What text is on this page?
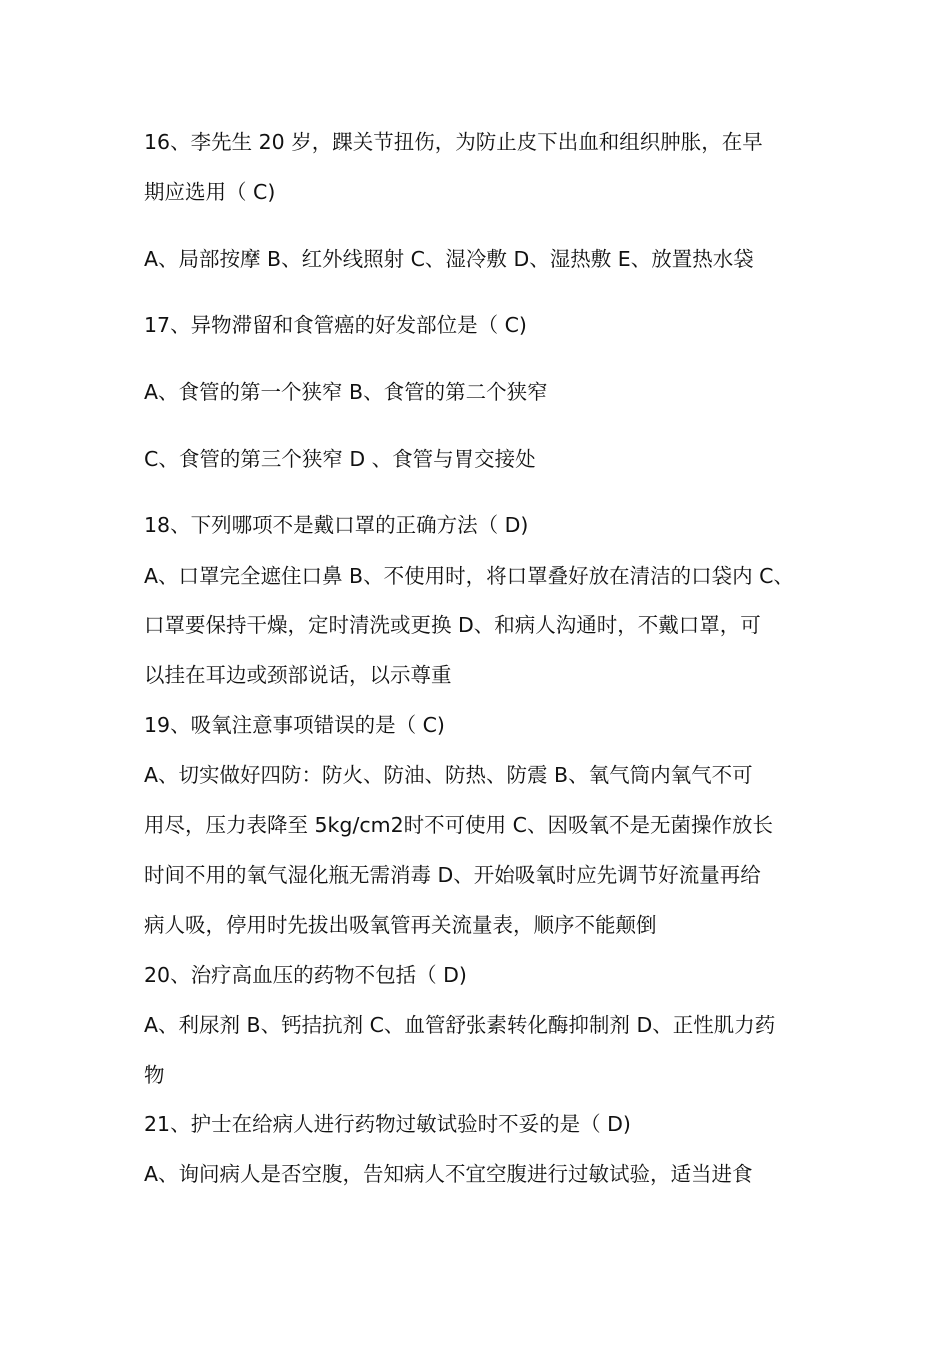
16、李先生 20 岁，踝关节扭伤，为防止皮下出血和组织肿胀，在早
期应选用（ C)
A、局部按摩 B、红外线照射 C、湿冷敷 D、湿热敷 E、放置热水袋
17、异物滞留和食管癌的好发部位是（ C)
A、食管的第一个狭窄 B、食管的第二个狭窄
C、食管的第三个狭窄 D 、食管与胃交接处
18、下列哪项不是戴口罩的正确方法（ D)
A、口罩完全遮住口鼻 B、不使用时，将口罩叠好放在清洁的口袋内 C、
口罩要保持干燥，定时清洗或更换 D、和病人沟通时，不戴口罩，可
以挂在耳边或颈部说话，以示尊重
19、吸氧注意事项错误的是（ C)
A、切实做好四防：防火、防油、防热、防震 B、氧气筒内氧气不可
用尽，压力表降至 5kg/cm2时不可使用 C、因吸氧不是无菌操作放长
时间不用的氧气湿化瓶无需消毒 D、开始吸氧时应先调节好流量再给
病人吸，停用时先拔出吸氧管再关流量表，顺序不能颠倒
20、治疗高血压的药物不包括（ D)
A、利尿剂 B、钙拮抗剂 C、血管舒张素转化酶抑制剂 D、正性肌力药
物
21、护士在给病人进行药物过敏试验时不妥的是（ D)
A、询问病人是否空腹，告知病人不宜空腹进行过敏试验，适当进食
